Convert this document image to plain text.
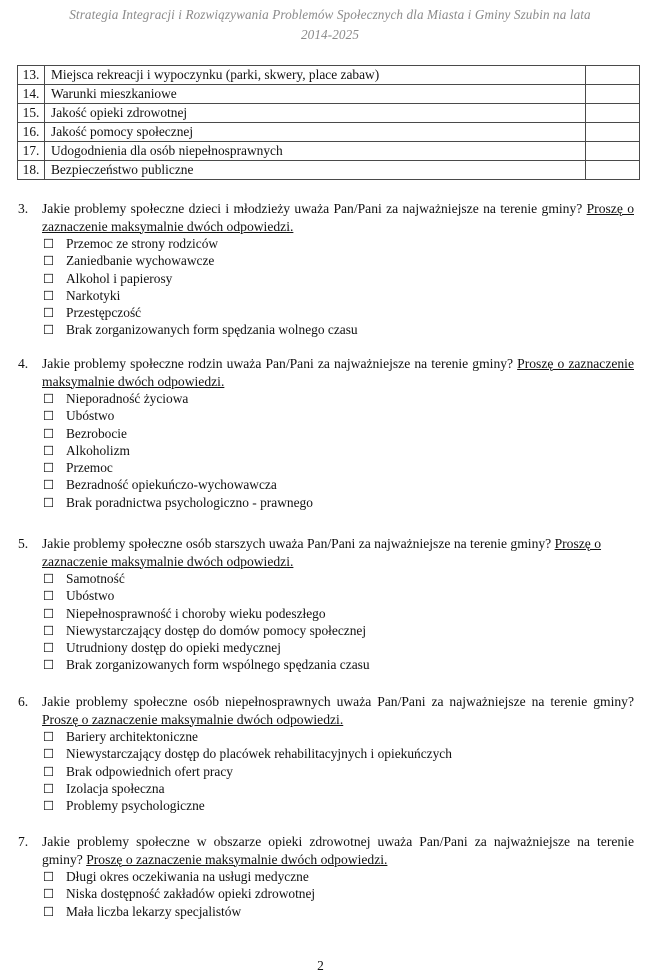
Strategia Integracji i Rozwiązywania Problemów Społecznych dla Miasta i Gminy Szubin na lata
2014-2025
13.	Miejsca rekreacji i wypoczynku (parki, skwery, place zabaw)	
14.	Warunki mieszkaniowe	
15.	Jakość opieki zdrowotnej	
16.	Jakość pomocy społecznej	
17.	Udogodnienia dla osób niepełnosprawnych	
18.	Bezpieczeństwo publiczne	
3.	Jakie problemy społeczne dzieci i młodzieży uważa Pan/Pani za najważniejsze na terenie gminy? Proszę o zaznaczenie maksymalnie dwóch odpowiedzi.
☐ Przemoc ze strony rodziców
☐ Zaniedbanie wychowawcze
☐ Alkohol i papierosy
☐ Narkotyki
☐ Przestępczość
☐ Brak zorganizowanych form spędzania wolnego czasu
4.	Jakie problemy społeczne rodzin uważa Pan/Pani za najważniejsze na terenie gminy? Proszę o zaznaczenie maksymalnie dwóch odpowiedzi.
☐ Nieporadność życiowa
☐ Ubóstwo
☐ Bezrobocie
☐ Alkoholizm
☐ Przemoc
☐ Bezradność opiekuńczo-wychowawcza
☐ Brak poradnictwa psychologiczno - prawnego
5.	Jakie problemy społeczne osób starszych uważa Pan/Pani za najważniejsze na terenie gminy? Proszę o zaznaczenie maksymalnie dwóch odpowiedzi.
☐ Samotność
☐ Ubóstwo
☐ Niepełnosprawność i choroby wieku podeszłego
☐ Niewystarczający dostęp do domów pomocy społecznej
☐ Utrudniony dostęp do opieki medycznej
☐ Brak zorganizowanych form wspólnego spędzania czasu
6.	Jakie problemy społeczne osób niepełnosprawnych uważa Pan/Pani za najważniejsze na terenie gminy? Proszę o zaznaczenie maksymalnie dwóch odpowiedzi.
☐ Bariery architektoniczne
☐ Niewystarczający dostęp do placówek rehabilitacyjnych i opiekuńczych
☐ Brak odpowiednich ofert pracy
☐ Izolacja społeczna
☐ Problemy psychologiczne
7.	Jakie problemy społeczne w obszarze opieki zdrowotnej uważa Pan/Pani za najważniejsze na terenie gminy? Proszę o zaznaczenie maksymalnie dwóch odpowiedzi.
☐ Długi okres oczekiwania na usługi medyczne
☐ Niska dostępność zakładów opieki zdrowotnej
☐ Mała liczba lekarzy specjalistów
2
